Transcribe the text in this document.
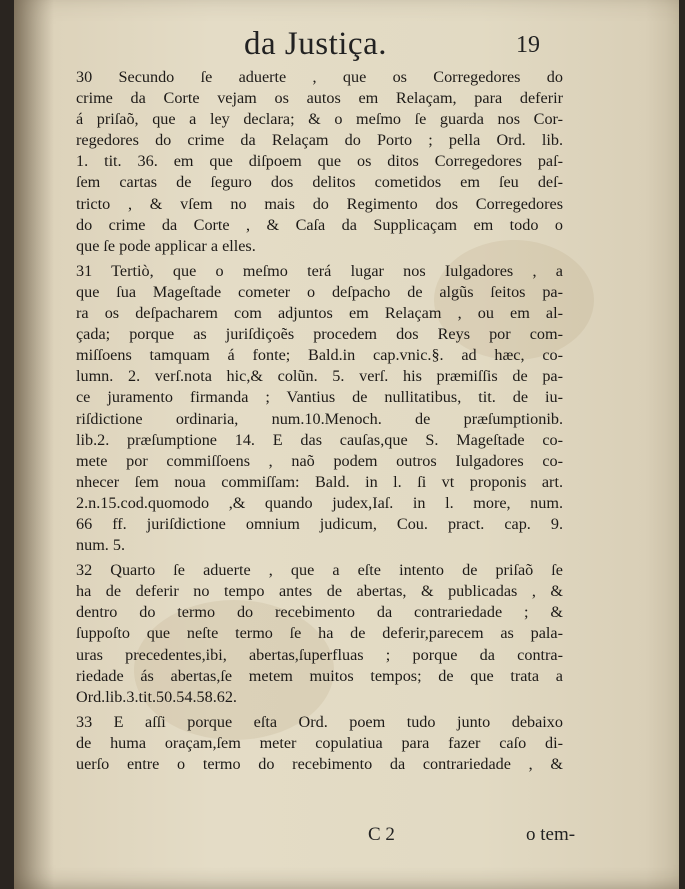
da Justiça.	19
30 Secundo ſe aduerte , que os Corregedores do
crime da Corte vejam os autos em Relaçam, para deferir
á priſaõ, que a ley declara; & o meſmo ſe guarda nos Cor-
regedores do crime da Relaçam do Porto ; pella Ord. lib.
1. tit. 36. em que diſpoem que os ditos Corregedores paſ-
ſem cartas de ſeguro dos delitos cometidos em ſeu deſ-
tricto , & vſem no mais do Regimento dos Corregedores
do crime da Corte , & Caſa da Supplicaçam em todo o
que ſe pode applicar a elles.
31 Tertiò, que o meſmo terá lugar nos Iulgadores , a
que ſua Mageſtade cometer o deſpacho de algũs ſeitos pa-
ra os deſpacharem com adjuntos em Relaçam , ou em al-
çada; porque as juriſdiçoẽs procedem dos Reys por com-
miſſoens tamquam á fonte; Bald.in cap.vnic.§. ad hæc, co-
lumn. 2. verſ.nota hic,& colũn. 5. verſ. his præmiſſis de pa-
ce juramento firmanda ; Vantius de nullitatibus, tit. de iu-
riſdictione ordinaria, num.10.Menoch. de præſumptionib.
lib.2. præſumptione 14. E das cauſas,que S. Mageſtade co-
mete por commiſſoens , naõ podem outros Iulgadores co-
nhecer ſem noua commiſſam: Bald. in l. ſi vt proponis art.
2.n.15.cod.quomodo ,& quando judex,Iaſ. in l. more, num.
66 ff. juriſdictione omnium judicum, Cou. pract. cap. 9.
num. 5.
32 Quarto ſe aduerte , que a eſte intento de priſaõ ſe
ha de deferir no tempo antes de abertas, & publicadas , &
dentro do termo do recebimento da contrariedade ; &
ſuppoſto que neſte termo ſe ha de deferir,parecem as pala-
uras precedentes,ibi, abertas,ſuperfluas ; porque da contra-
riedade ás abertas,ſe metem muitos tempos; de que trata a
Ord.lib.3.tit.50.54.58.62.
33 E aſſi porque eſta Ord. poem tudo junto debaixo
de huma oraçam,ſem meter copulatiua para fazer caſo di-
uerſo entre o termo do recebimento da contrariedade , &
C 2	o tem-
